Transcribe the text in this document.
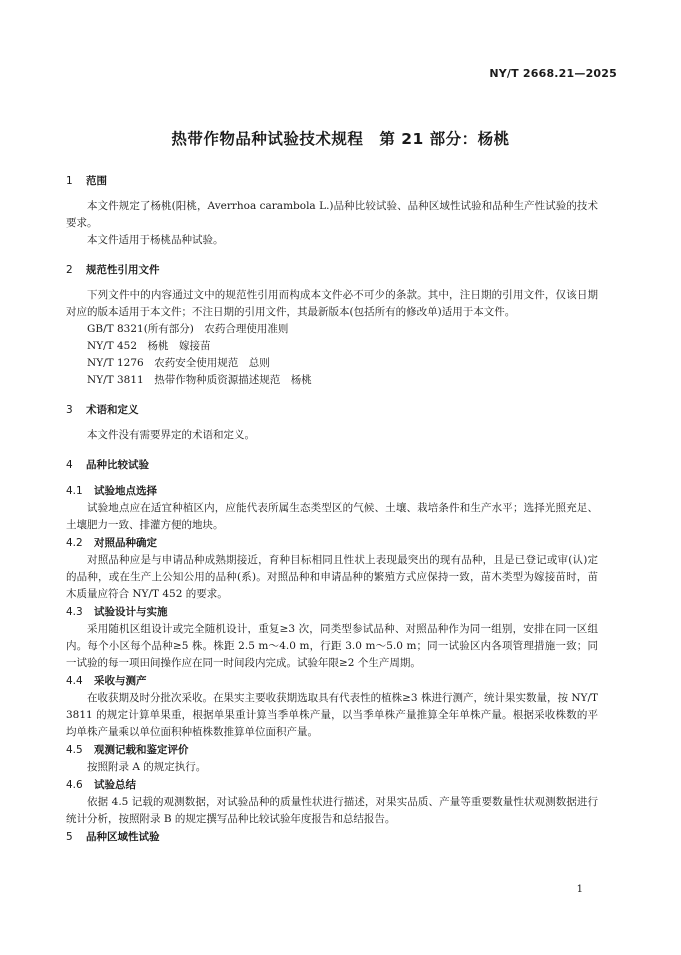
NY/T 2668.21—2025
热带作物品种试验技术规程　第 21 部分：杨桃
1 范围

本文件规定了杨桃(阳桃，Averrhoa carambola L.)品种比较试验、品种区域性试验和品种生产性试验的技术要求。

本文件适用于杨桃品种试验。

2 规范性引用文件

下列文件中的内容通过文中的规范性引用而构成本文件必不可少的条款。其中，注日期的引用文件，仅该日期对应的版本适用于本文件；不注日期的引用文件，其最新版本(包括所有的修改单)适用于本文件。

GB/T 8321(所有部分)　农药合理使用准则
NY/T 452　杨桃　嫁接苗
NY/T 1276　农药安全使用规范　总则
NY/T 3811　热带作物种质资源描述规范　杨桃
3 术语和定义

本文件没有需要界定的术语和定义。

4 品种比较试验
4.1 试验地点选择

试验地点应在适宜种植区内，应能代表所属生态类型区的气候、土壤、栽培条件和生产水平；选择光照充足、土壤肥力一致、排灌方便的地块。

4.2 对照品种确定

对照品种应是与申请品种成熟期接近，育种目标相同且性状上表现最突出的现有品种，且是已登记或审(认)定的品种，或在生产上公知公用的品种(系)。对照品种和申请品种的繁殖方式应保持一致，苗木类型为嫁接苗时，苗木质量应符合 NY/T 452 的要求。

4.3 试验设计与实施

采用随机区组设计或完全随机设计，重复≥3 次，同类型参试品种、对照品种作为同一组别，安排在同一区组内。每个小区每个品种≥5 株。株距 2.5 m～4.0 m，行距 3.0 m～5.0 m；同一试验区内各项管理措施一致；同一试验的每一项田间操作应在同一时间段内完成。试验年限≥2 个生产周期。

4.4 采收与测产

在收获期及时分批次采收。在果实主要收获期选取具有代表性的植株≥3 株进行测产，统计果实数量，按 NY/T 3811 的规定计算单果重，根据单果重计算当季单株产量，以当季单株产量推算全年单株产量。根据采收株数的平均单株产量乘以单位面积种植株数推算单位面积产量。

4.5 观测记载和鉴定评价

按照附录 A 的规定执行。

4.6 试验总结

依据 4.5 记载的观测数据，对试验品种的质量性状进行描述，对果实品质、产量等重要数量性状观测数据进行统计分析，按照附录 B 的规定撰写品种比较试验年度报告和总结报告。

5 品种区域性试验
1
